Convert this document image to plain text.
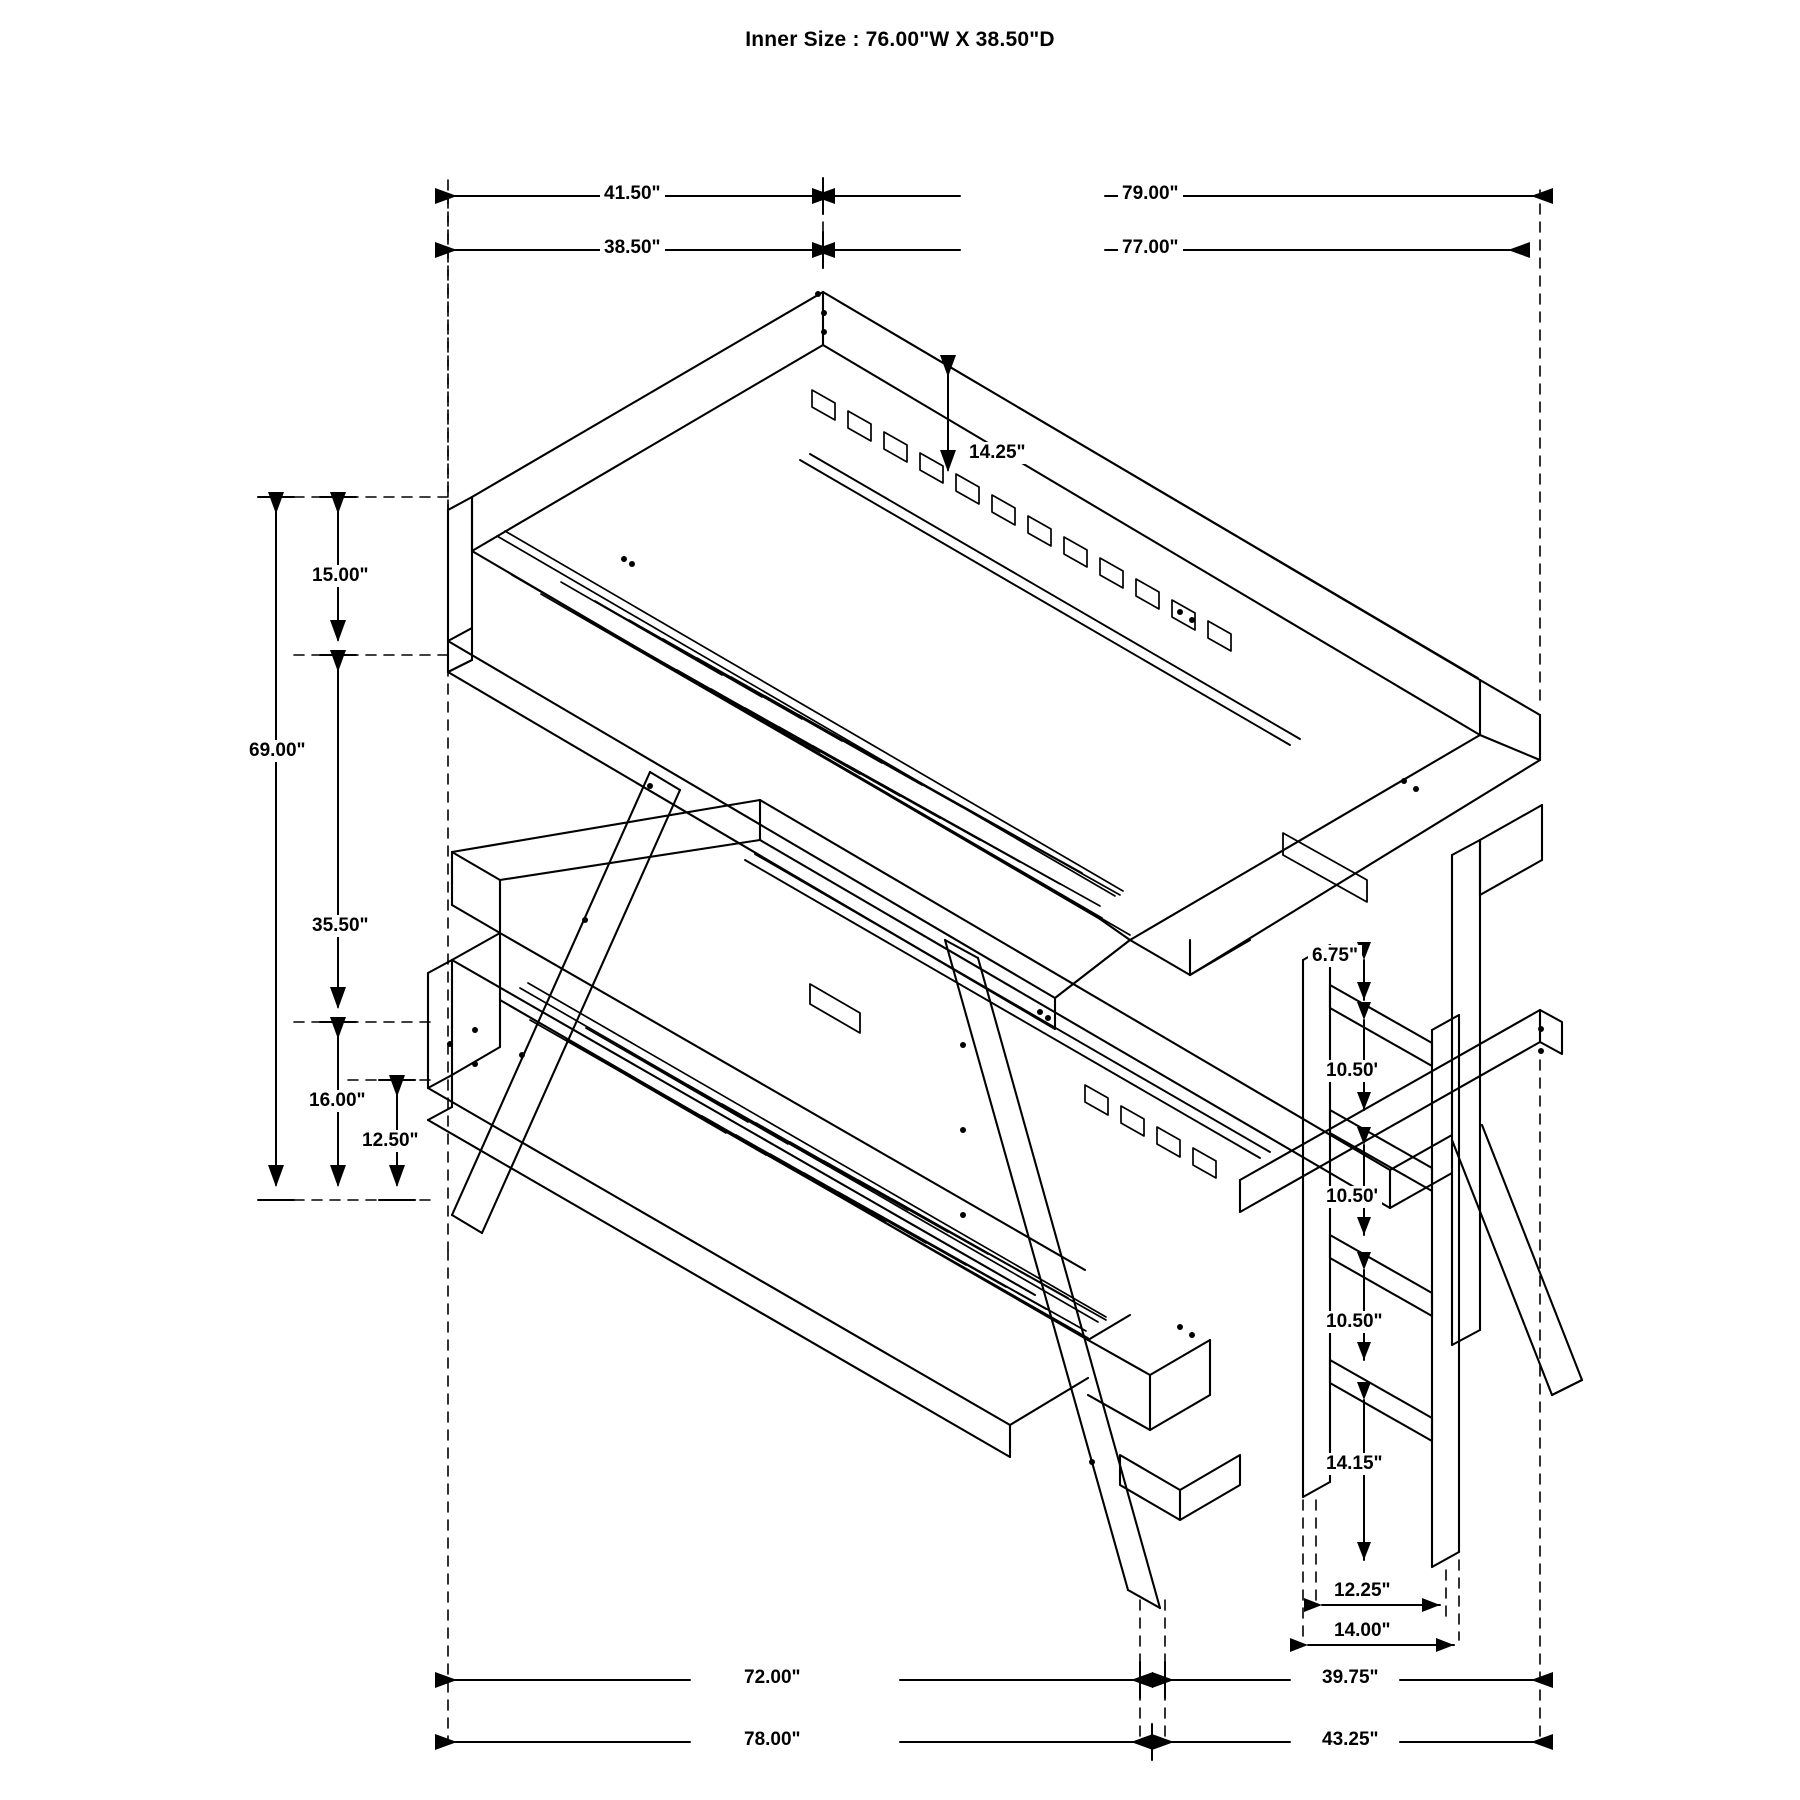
Inner Size : 76.00"W X 38.50"D
41.50"	79.00"
38.50"	77.00"
14.25"
15.00"
69.00"
35.50"
16.00"
12.50"
6.75"
10.50'
10.50'
10.50"
14.15"
12.25"
14.00"
72.00"	39.75"
78.00"	43.25"
